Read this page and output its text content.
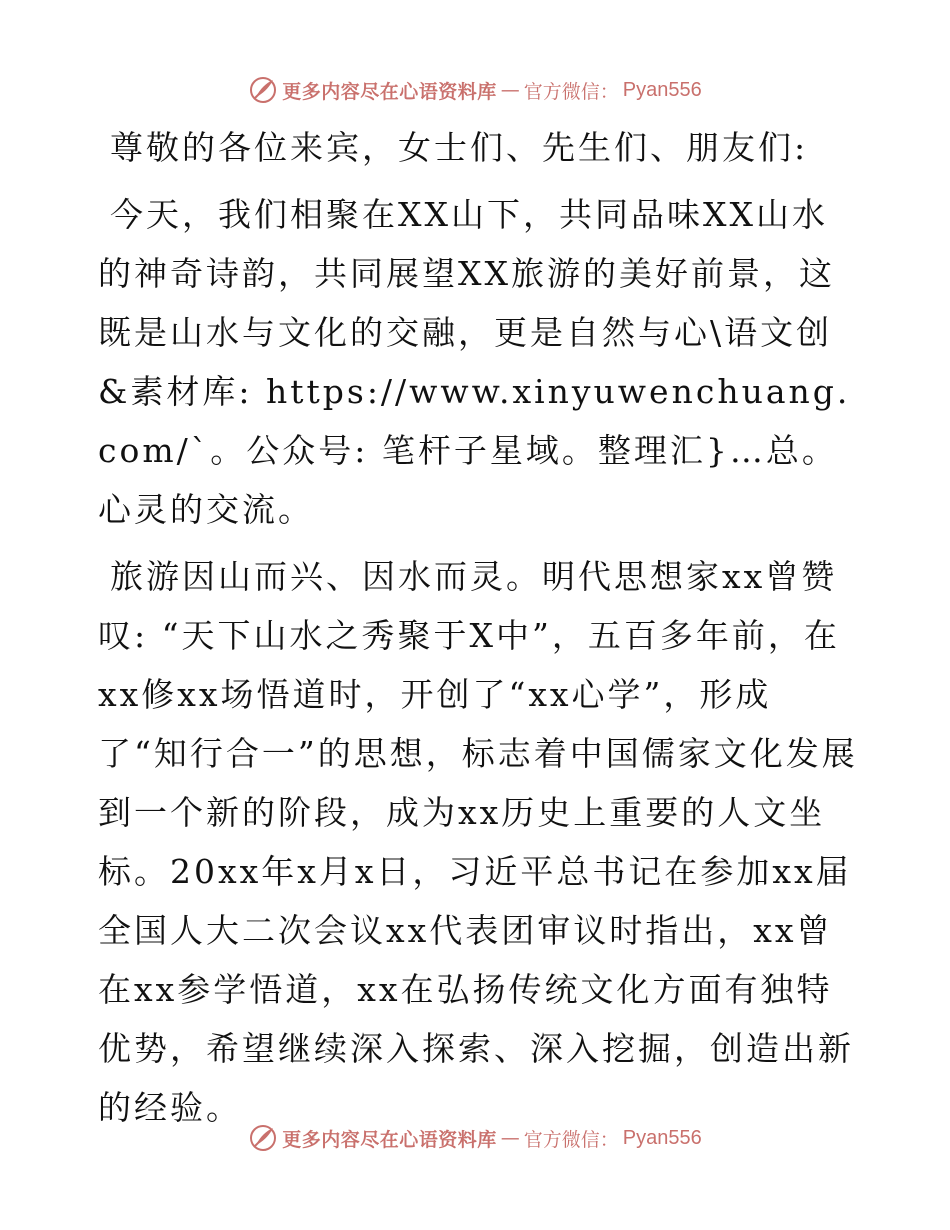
更多内容尽在心语资料库 — 官方微信： Pyan556

尊敬的各位来宾，女士们、先生们、朋友们:

今天，我们相聚在XX山下，共同品味XX山水的神奇诗韵，共同展望XX旅游的美好前景，这既是山水与文化的交融，更是自然与心\语文创&素材库: https://www.xinyuwenchuang.com/`。公众号: 笔杆子星域。整理汇}…总。心灵的交流。

旅游因山而兴、因水而灵。明代思想家xx曾赞叹: “天下山水之秀聚于X中”，五百多年前，在xx修xx场悟道时，开创了“xx心学”，形成了“知行合一”的思想，标志着中国儒家文化发展到一个新的阶段，成为xx历史上重要的人文坐标。20xx年x月x日，习近平总书记在参加xx届全国人大二次会议xx代表团审议时指出，xx曾在xx参学悟道，xx在弘扬传统文化方面有独特优势，希望继续深入探索、深入挖掘，创造出新的经验。

更多内容尽在心语资料库 — 官方微信： Pyan556
